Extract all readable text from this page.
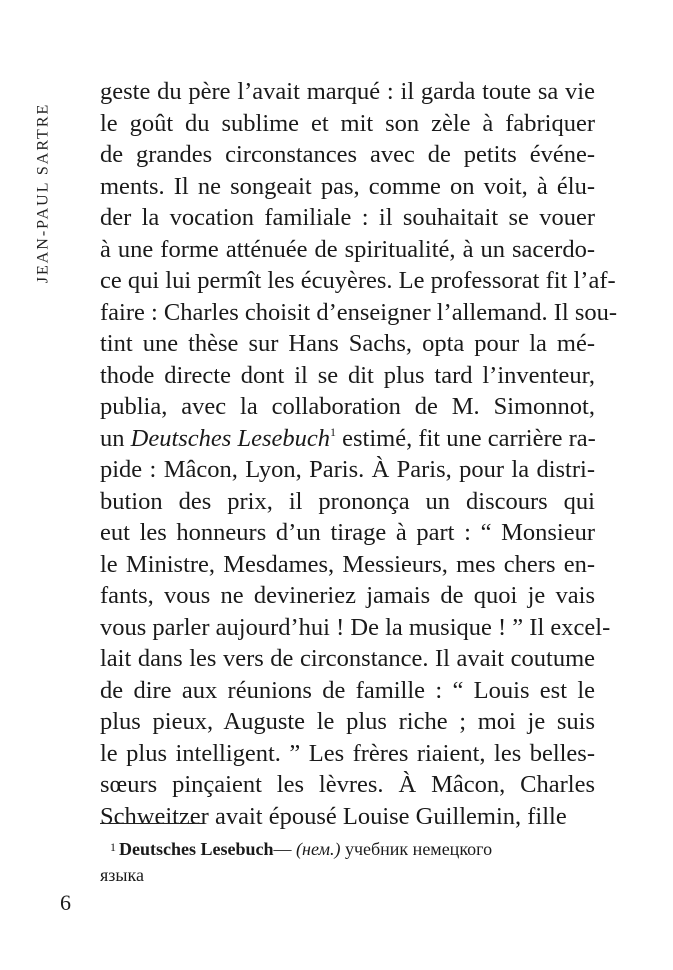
JEAN-PAUL SARTRE
geste du père l’avait marqué : il garda toute sa vie
le goût du sublime et mit son zèle à fabriquer
de grandes circonstances avec de petits événe-
ments. Il ne songeait pas, comme on voit, à élu-
der la vocation familiale : il souhaitait se vouer
à une forme atténuée de spiritualité, à un sacerdo-
ce qui lui permît les écuyères. Le professorat fit l’af-
faire : Charles choisit d’enseigner l’allemand. Il sou-
tint une thèse sur Hans Sachs, opta pour la mé-
thode directe dont il se dit plus tard l’inventeur,
publia, avec la collaboration de M. Simonnot,
un Deutsches Lesebuch$^1$ estimé, fit une carrière ra-
pide : Mâcon, Lyon, Paris. À Paris, pour la distri-
bution des prix, il prononça un discours qui
eut les honneurs d’un tirage à part : “ Monsieur
le Ministre, Mesdames, Messieurs, mes chers en-
fants, vous ne devineriez jamais de quoi je vais
vous parler aujourd’hui ! De la musique ! ” Il excel-
lait dans les vers de circonstance. Il avait coutume
de dire aux réunions de famille : “ Louis est le
plus pieux, Auguste le plus riche ; moi je suis
le plus intelligent. ” Les frères riaient, les belles-
sœurs pinçaient les lèvres. À Mâcon, Charles
Schweitzer avait épousé Louise Guillemin, fille
$^1$ Deutsches Lesebuch— (нем.) учебник немецкого
языка
6
